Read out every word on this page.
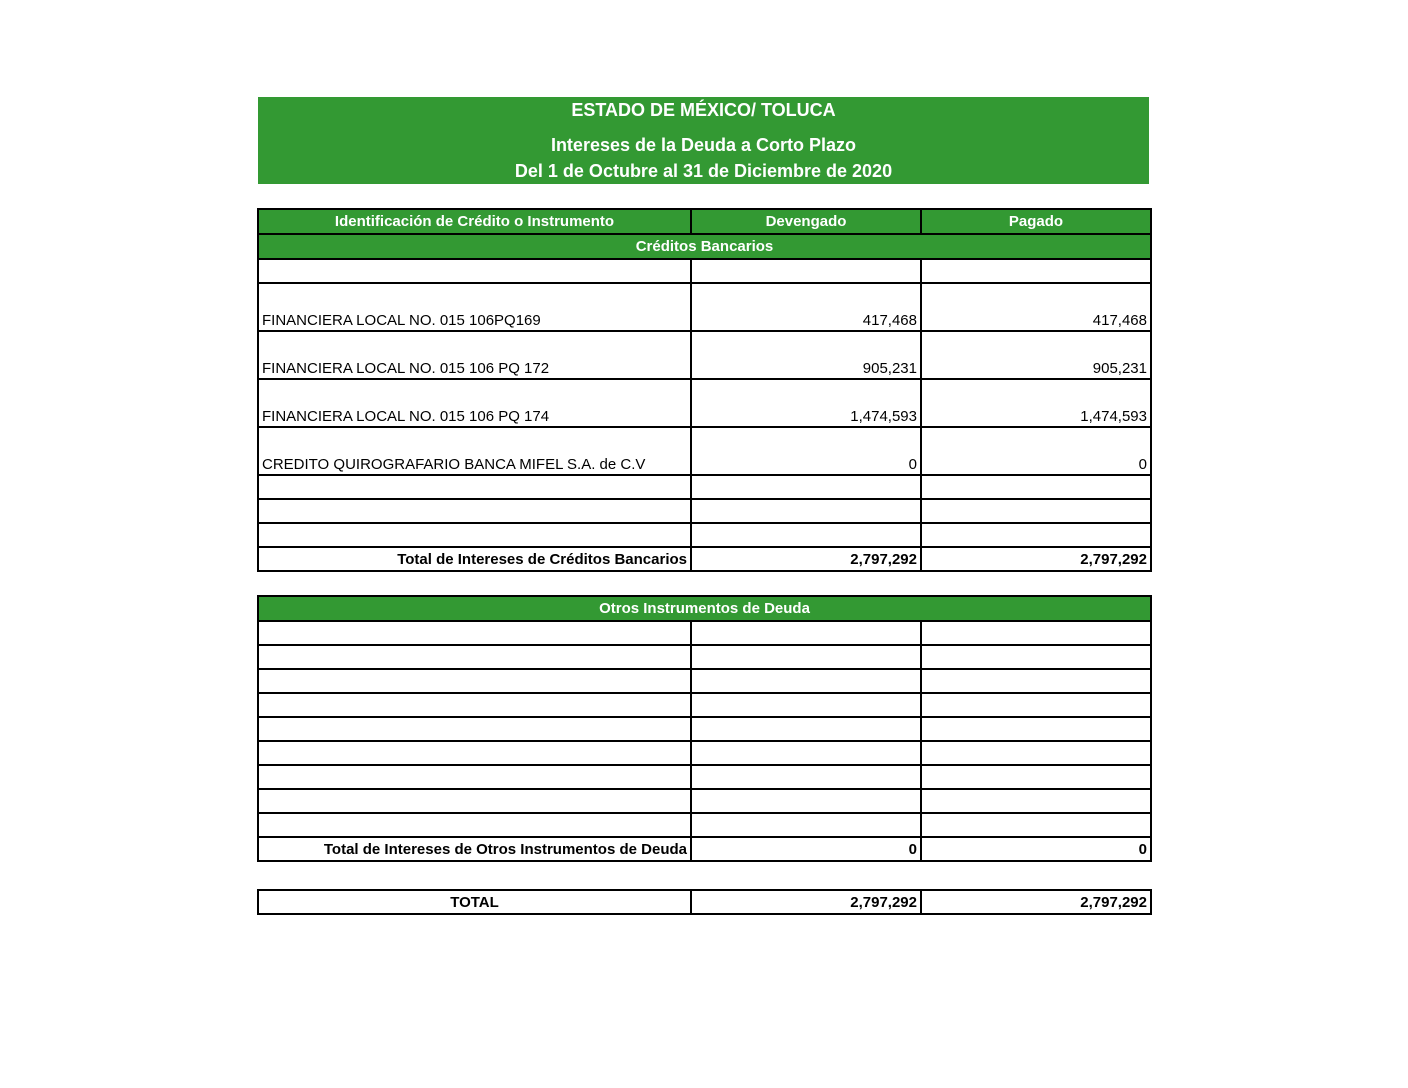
ESTADO DE MÉXICO/ TOLUCA
Intereses de la Deuda a Corto Plazo
Del 1 de Octubre al 31 de Diciembre de 2020
Identificación de Crédito o Instrumento	Devengado	Pagado
Créditos Bancarios		

FINANCIERA LOCAL NO. 015 106PQ169	417,468	417,468
FINANCIERA LOCAL NO. 015 106 PQ 172	905,231	905,231
FINANCIERA LOCAL NO. 015 106 PQ 174	1,474,593	1,474,593
CREDITO QUIROGRAFARIO BANCA MIFEL S.A. de C.V	0	0

Total de Intereses de Créditos Bancarios	2,797,292	2,797,292
Otros Instrumentos de Deuda		

Total de Intereses de Otros Instrumentos de Deuda	0	0
TOTAL	2,797,292	2,797,292
